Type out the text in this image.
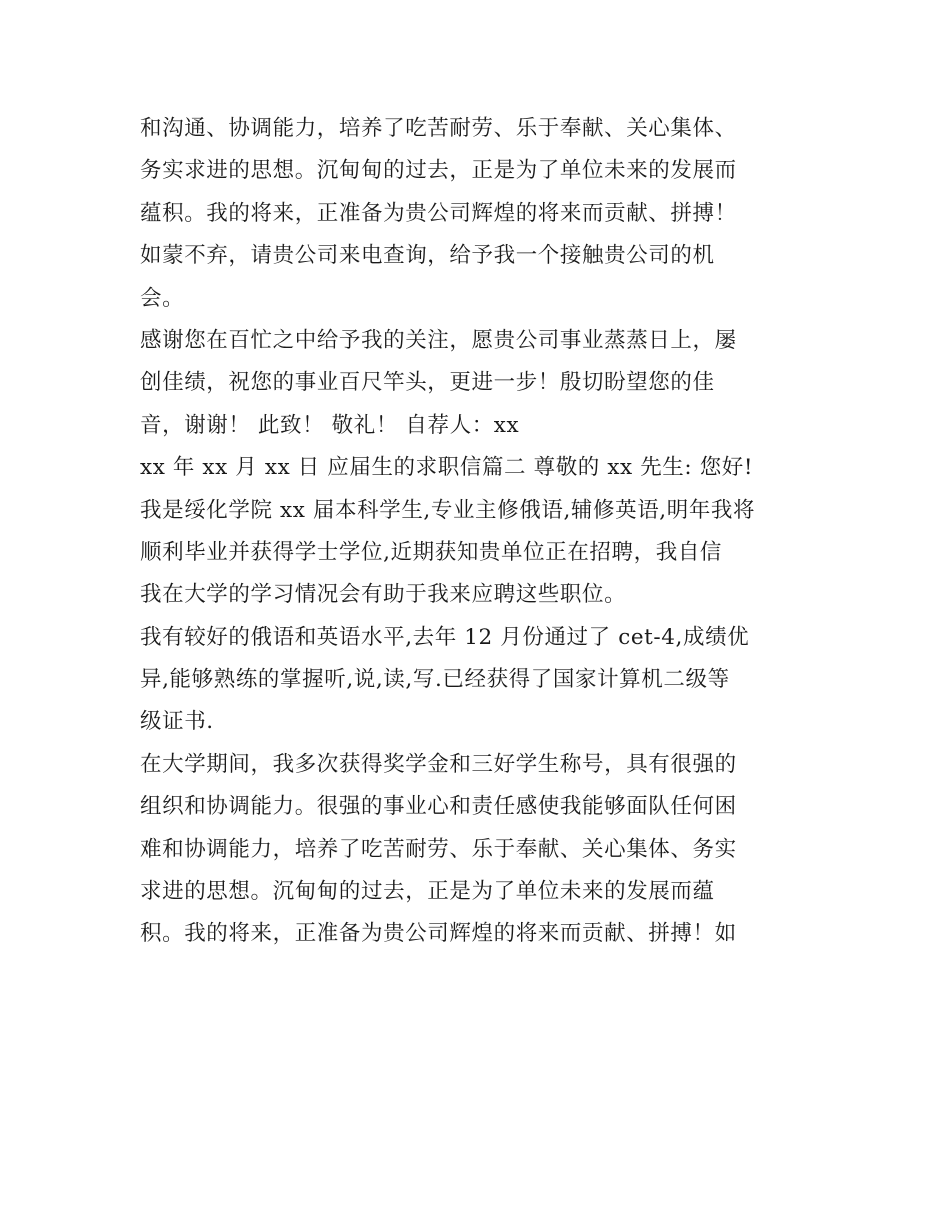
和沟通、协调能力，培养了吃苦耐劳、乐于奉献、关心集体、
务实求进的思想。沉甸甸的过去，正是为了单位未来的发展而
蕴积。我的将来，正准备为贵公司辉煌的将来而贡献、拼搏！
如蒙不弃，请贵公司来电查询，给予我一个接触贵公司的机
会。
感谢您在百忙之中给予我的关注，愿贵公司事业蒸蒸日上，屡
创佳绩，祝您的事业百尺竿头，更进一步！殷切盼望您的佳
音，谢谢！ 此致！ 敬礼！ 自荐人：xx
xx 年 xx 月 xx 日 应届生的求职信篇二 尊敬的 xx 先生: 您好!
我是绥化学院 xx 届本科学生,专业主修俄语,辅修英语,明年我将
顺利毕业并获得学士学位,近期获知贵单位正在招聘，我自信
我在大学的学习情况会有助于我来应聘这些职位。
我有较好的俄语和英语水平,去年 12 月份通过了 cet-4,成绩优
异,能够熟练的掌握听,说,读,写.已经获得了国家计算机二级等
级证书.
在大学期间，我多次获得奖学金和三好学生称号，具有很强的
组织和协调能力。很强的事业心和责任感使我能够面队任何困
难和协调能力，培养了吃苦耐劳、乐于奉献、关心集体、务实
求进的思想。沉甸甸的过去，正是为了单位未来的发展而蕴
积。我的将来，正准备为贵公司辉煌的将来而贡献、拼搏！如
